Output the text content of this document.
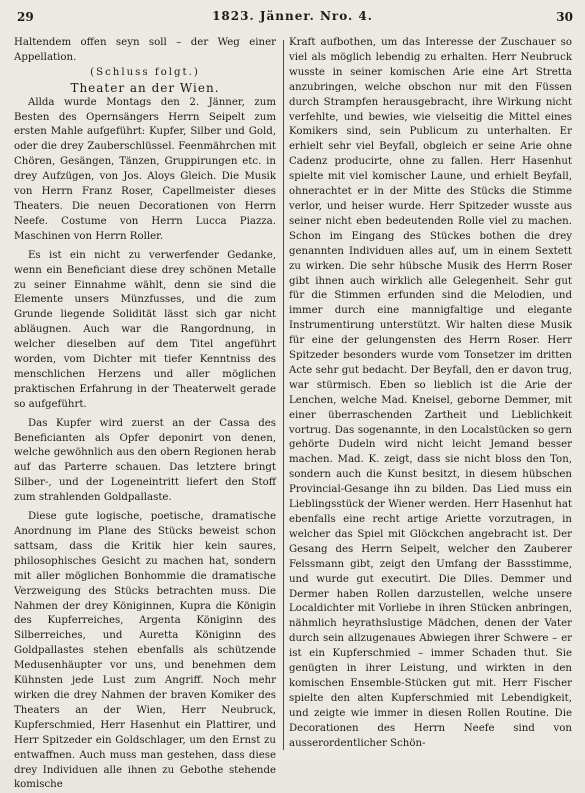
29	1823. Jänner. Nro. 4.	30

Haltendem offen seyn soll – der Weg einer Appellation.

(Schluss folgt.)

Theater an der Wien.

Allda wurde Montags den 2. Jänner, zum Besten des Opernsängers Herrn Seipelt zum ersten Mahle aufgeführt: Kupfer, Silber und Gold, oder die drey Zauberschlüssel. Feenmährchen mit Chören, Gesängen, Tänzen, Gruppirungen etc. in drey Aufzügen, von Jos. Aloys Gleich. Die Musik von Herrn Franz Roser, Capellmeister dieses Theaters. Die neuen Decorationen von Herrn Neefe. Costume von Herrn Lucca Piazza. Maschinen von Herrn Roller.

Es ist ein nicht zu verwerfender Gedanke, wenn ein Beneficiant diese drey schönen Metalle zu seiner Einnahme wählt, denn sie sind die Elemente unsers Münzfusses, und die zum Grunde liegende Solidität lässt sich gar nicht abläugnen. Auch war die Rangordnung, in welcher dieselben auf dem Titel angeführt worden, vom Dichter mit tiefer Kenntniss des menschlichen Herzens und aller möglichen praktischen Erfahrung in der Theaterwelt gerade so aufgeführt.

Das Kupfer wird zuerst an der Cassa des Beneficianten als Opfer deponirt von denen, welche gewöhnlich aus den obern Regionen herab auf das Parterre schauen. Das letztere bringt Silber-, und der Logeneintritt liefert den Stoff zum strahlenden Goldpallaste.

Diese gute logische, poetische, dramatische Anordnung im Plane des Stücks beweist schon sattsam, dass die Kritik hier kein saures, philosophisches Gesicht zu machen hat, sondern mit aller möglichen Bonhommie die dramatische Verzweigung des Stücks betrachten muss. Die Nahmen der drey Königinnen, Kupra die Königin des Kupferreiches, Argenta Königinn des Silberreiches, und Auretta Königinn des Goldpallastes stehen ebenfalls als schützende Medusenhäupter vor uns, und benehmen dem Kühnsten jede Lust zum Angriff. Noch mehr wirken die drey Nahmen der braven Komiker des Theaters an der Wien, Herr Neubruck, Kupferschmied, Herr Hasenhut ein Plattirer, und Herr Spitzeder ein Goldschlager, um den Ernst zu entwaffnen. Auch muss man gestehen, dass diese drey Individuen alle ihnen zu Gebothe stehende komische

Kraft aufbothen, um das Interesse der Zuschauer so viel als möglich lebendig zu erhalten. Herr Neubruck wusste in seiner komischen Arie eine Art Stretta anzubringen, welche obschon nur mit den Füssen durch Strampfen herausgebracht, ihre Wirkung nicht verfehlte, und bewies, wie vielseitig die Mittel eines Komikers sind, sein Publicum zu unterhalten. Er erhielt sehr viel Beyfall, obgleich er seine Arie ohne Cadenz producirte, ohne zu fallen. Herr Hasenhut spielte mit viel komischer Laune, und erhielt Beyfall, ohnerachtet er in der Mitte des Stücks die Stimme verlor, und heiser wurde. Herr Spitzeder wusste aus seiner nicht eben bedeutenden Rolle viel zu machen. Schon im Eingang des Stückes bothen die drey genannten Individuen alles auf, um in einem Sextett zu wirken. Die sehr hübsche Musik des Herrn Roser gibt ihnen auch wirklich alle Gelegenheit. Sehr gut für die Stimmen erfunden sind die Melodien, und immer durch eine mannigfaltige und elegante Instrumentirung unterstützt. Wir halten diese Musik für eine der gelungensten des Herrn Roser. Herr Spitzeder besonders wurde vom Tonsetzer im dritten Acte sehr gut bedacht. Der Beyfall, den er davon trug, war stürmisch. Eben so lieblich ist die Arie der Lenchen, welche Mad. Kneisel, geborne Demmer, mit einer überraschenden Zartheit und Lieblichkeit vortrug. Das sogenannte, in den Localstücken so gern gehörte Dudeln wird nicht leicht Jemand besser machen. Mad. K. zeigt, dass sie nicht bloss den Ton, sondern auch die Kunst besitzt, in diesem hübschen Provincial-Gesange ihn zu bilden. Das Lied muss ein Lieblingsstück der Wiener werden. Herr Hasenhut hat ebenfalls eine recht artige Ariette vorzutragen, in welcher das Spiel mit Glöckchen angebracht ist. Der Gesang des Herrn Seipelt, welcher den Zauberer Felssmann gibt, zeigt den Umfang der Bassstimme, und wurde gut executirt. Die Dlles. Demmer und Dermer haben Rollen darzustellen, welche unsere Localdichter mit Vorliebe in ihren Stücken anbringen, nähmlich heyrathslustige Mädchen, denen der Vater durch sein allzugenaues Abwiegen ihrer Schwere – er ist ein Kupferschmied – immer Schaden thut. Sie genügten in ihrer Leistung, und wirkten in den komischen Ensemble-Stücken gut mit. Herr Fischer spielte den alten Kupferschmied mit Lebendigkeit, und zeigte wie immer in diesen Rollen Routine. Die Decorationen des Herrn Neefe sind von ausserordentlicher Schön-
